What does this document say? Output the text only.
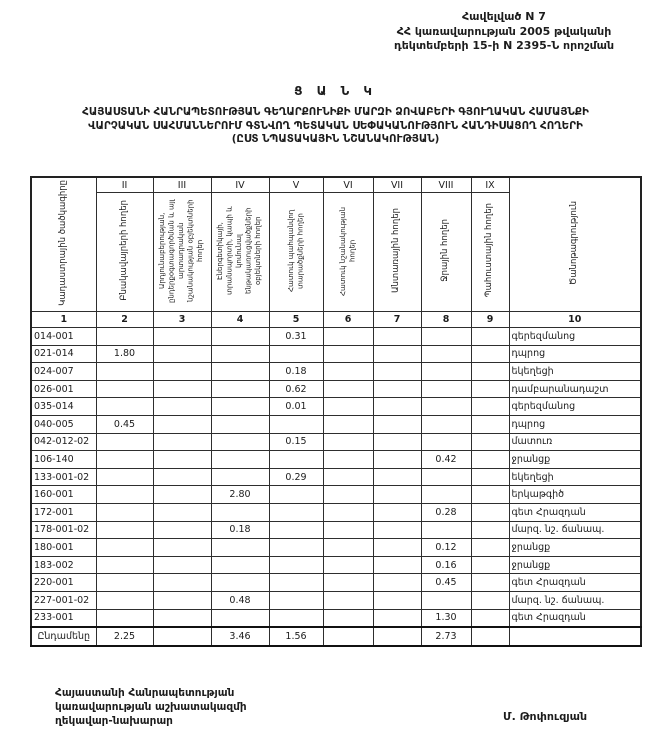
Հավելված N 7
ՀՀ կառավարության 2005 թվականի
դեկտեմբերի 15-ի N 2395-Ն որոշման
Ց Ա Ն Կ
ՀԱՅԱՍՏԱՆԻ ՀԱՆՐԱՊԵՏՈՒԹՅԱՆ ԳԵՂԱՐՔՈՒՆԻՔԻ ՄԱՐԶԻ ՁՈՎԱԲԵՐԻ ԳՅՈՒՂԱԿԱՆ ՀԱՄԱՅՆՔԻ
ՎԱՐՉԱԿԱՆ ՍԱՀՄԱՆՆԵՐՈՒՄ ԳՏՆՎՈՂ ՊԵՏԱԿԱՆ ՍԵՓԱԿԱՆՈՒԹՅՈՒՆ ՀԱՆԴԻՍԱՑՈՂ ՀՈՂԵՐԻ
(ԸՍՏ ՆՊԱՏԱԿԱՅԻՆ ՆՇԱՆԱԿՈՒԹՅԱՆ)
Կադաստրային ծածկագիրը	II	III	IV	V	VI	VII	VIII	IX	Ծանոթագրություն
	Բնակավայրերի հողեր	Արդյունաբերության, ընդերքօգտագործման և այլ արտադրական նշանակության օբյեկտների հողեր	Էներգետիկայի, տրանսպորտի, կապի և կոմունալ ենթակառուցվածքների օբյեկտների հողեր	Հատուկ պահպանվող տարածքների հողեր	Հատուկ նշանակության հողեր	Անտառային հողեր	Ջրային հողեր	Պահուստային հողեր	
1	2	3	4	5	6	7	8	9	10
014-001				0.31					գերեզմանոց
021-014	1.80								դպրոց
024-007				0.18					եկեղեցի
026-001				0.62					դամբարանադաշտ
035-014				0.01					գերեզմանոց
040-005	0.45								դպրոց
042-012-02				0.15					մատուռ
106-140							0.42		ջրանցք
133-001-02				0.29					եկեղեցի
160-001			2.80						երկաթգիծ
172-001							0.28		գետ Հրազդան
178-001-02			0.18						մարզ. նշ. ճանապ.
180-001							0.12		ջրանցք
183-002							0.16		ջրանցք
220-001							0.45		գետ Հրազդան
227-001-02			0.48						մարզ. նշ. ճանապ.
233-001							1.30		գետ Հրազդան
Ընդամենը	2.25		3.46	1.56			2.73		
Հայաստանի Հանրապետության
կառավարության աշխատակազմի
ղեկավար-նախարար	Մ. Թոփուզյան
